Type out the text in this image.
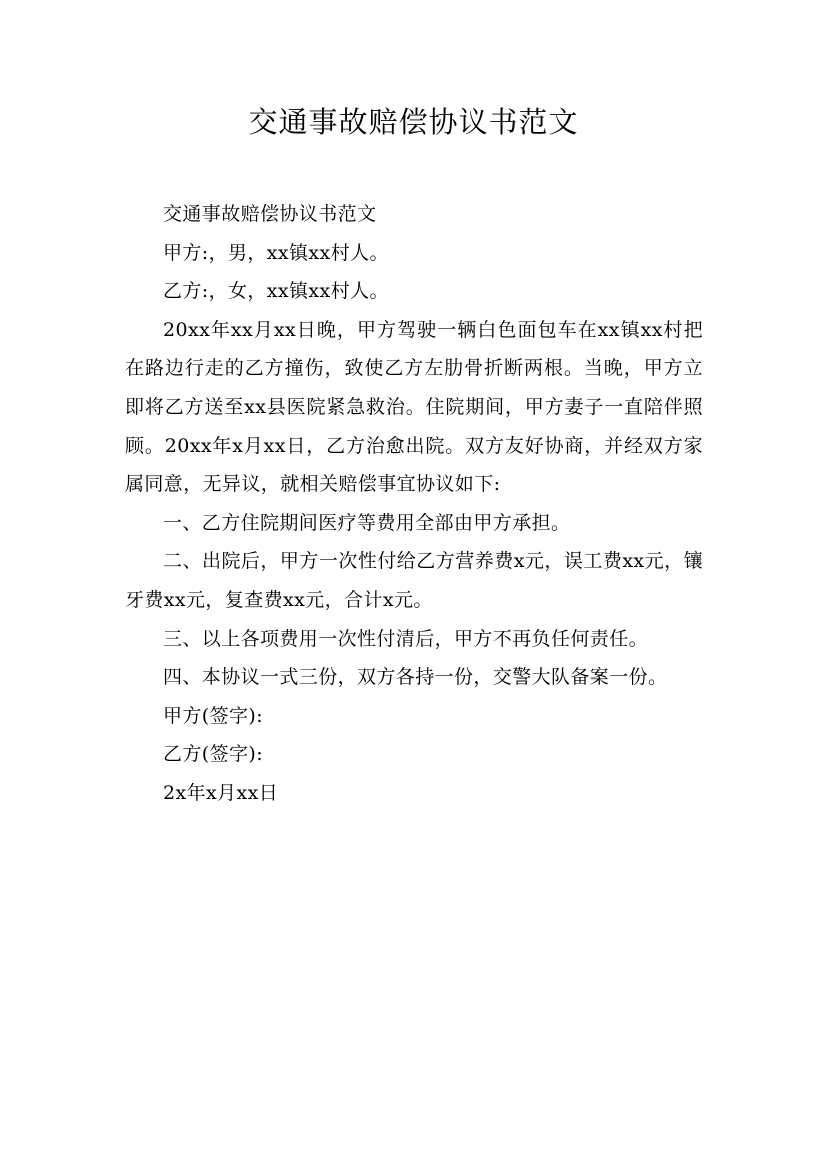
交通事故赔偿协议书范文

交通事故赔偿协议书范文

甲方:，男，xx镇xx村人。

乙方:，女，xx镇xx村人。

20xx年xx月xx日晚，甲方驾驶一辆白色面包车在xx镇xx村把在路边行走的乙方撞伤，致使乙方左肋骨折断两根。当晚，甲方立即将乙方送至xx县医院紧急救治。住院期间，甲方妻子一直陪伴照顾。20xx年x月xx日，乙方治愈出院。双方友好协商，并经双方家属同意，无异议，就相关赔偿事宜协议如下:

一、乙方住院期间医疗等费用全部由甲方承担。

二、出院后，甲方一次性付给乙方营养费x元，误工费xx元，镶牙费xx元，复查费xx元，合计x元。

三、以上各项费用一次性付清后，甲方不再负任何责任。

四、本协议一式三份，双方各持一份，交警大队备案一份。

甲方(签字):

乙方(签字):

2x年x月xx日
